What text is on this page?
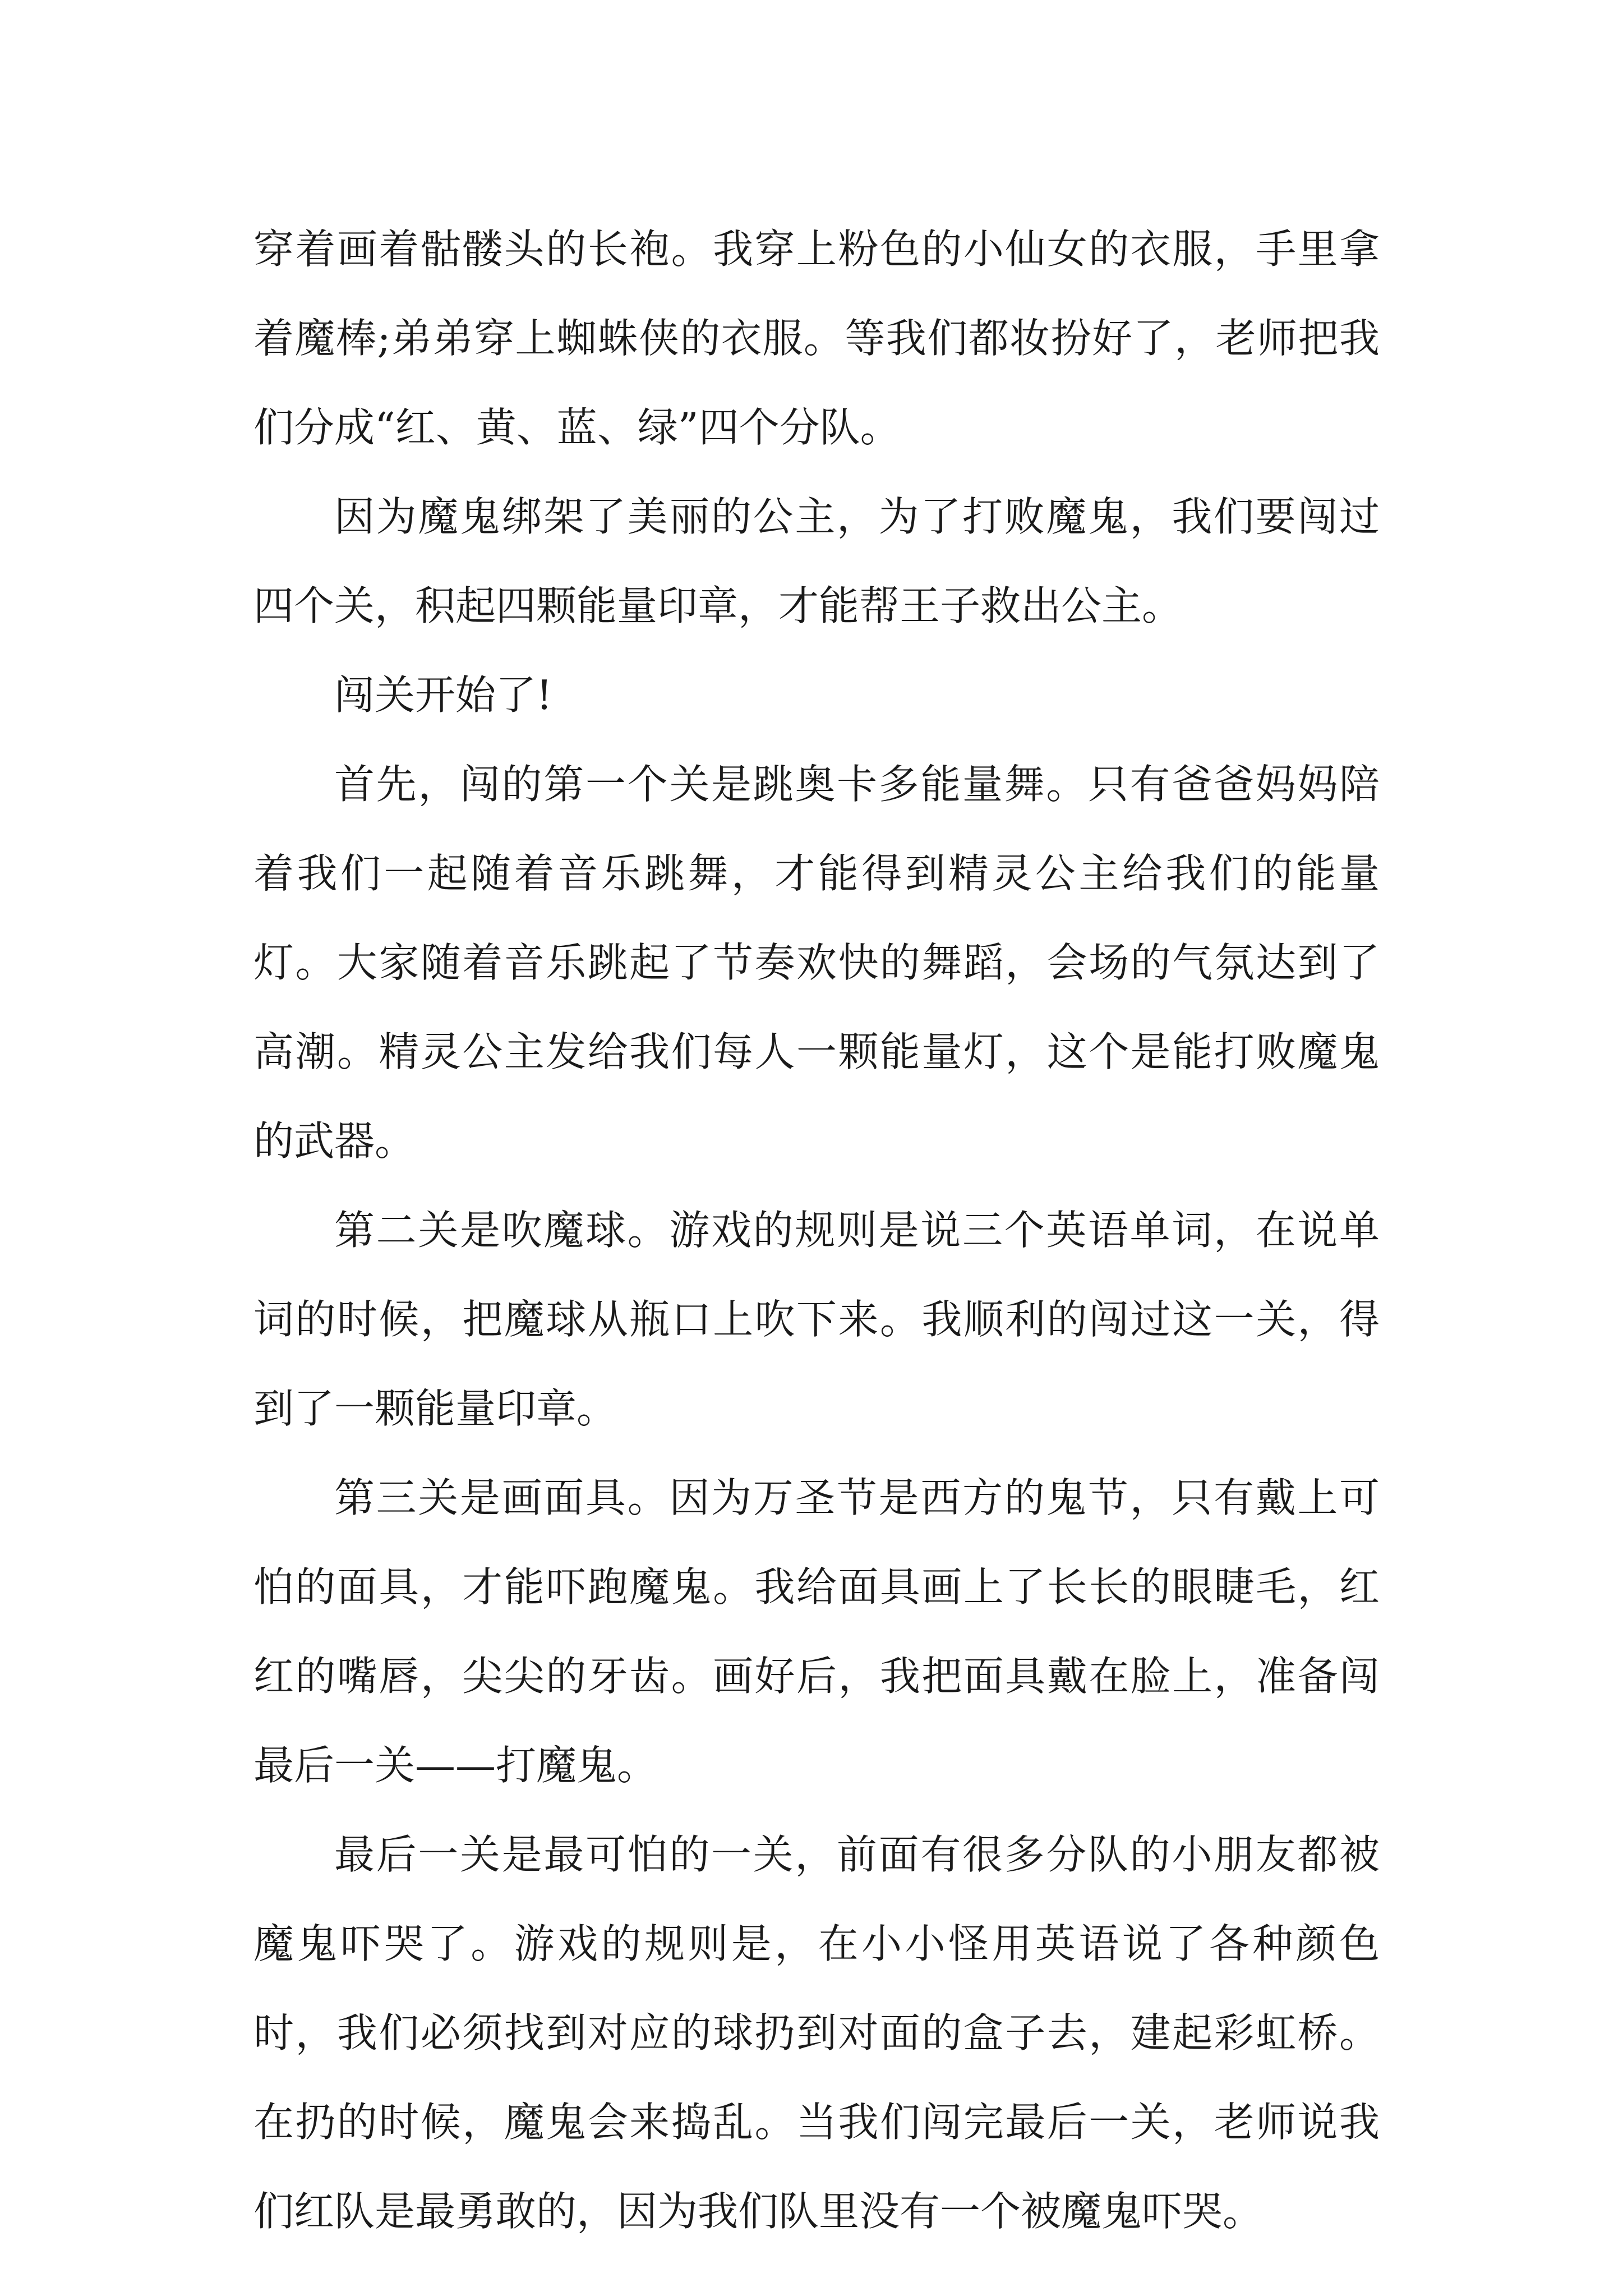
穿着画着骷髅头的长袍。我穿上粉色的小仙女的衣服，手里拿着魔棒;弟弟穿上蜘蛛侠的衣服。等我们都妆扮好了，老师把我们分成“红、黄、蓝、绿”四个分队。

因为魔鬼绑架了美丽的公主，为了打败魔鬼，我们要闯过四个关，积起四颗能量印章，才能帮王子救出公主。

闯关开始了!

首先，闯的第一个关是跳奥卡多能量舞。只有爸爸妈妈陪着我们一起随着音乐跳舞，才能得到精灵公主给我们的能量灯。大家随着音乐跳起了节奏欢快的舞蹈，会场的气氛达到了高潮。精灵公主发给我们每人一颗能量灯，这个是能打败魔鬼的武器。

第二关是吹魔球。游戏的规则是说三个英语单词，在说单词的时候，把魔球从瓶口上吹下来。我顺利的闯过这一关，得到了一颗能量印章。

第三关是画面具。因为万圣节是西方的鬼节，只有戴上可怕的面具，才能吓跑魔鬼。我给面具画上了长长的眼睫毛，红红的嘴唇，尖尖的牙齿。画好后，我把面具戴在脸上，准备闯最后一关——打魔鬼。

最后一关是最可怕的一关，前面有很多分队的小朋友都被魔鬼吓哭了。游戏的规则是，在小小怪用英语说了各种颜色时，我们必须找到对应的球扔到对面的盒子去，建起彩虹桥。在扔的时候，魔鬼会来捣乱。当我们闯完最后一关，老师说我们红队是最勇敢的，因为我们队里没有一个被魔鬼吓哭。
